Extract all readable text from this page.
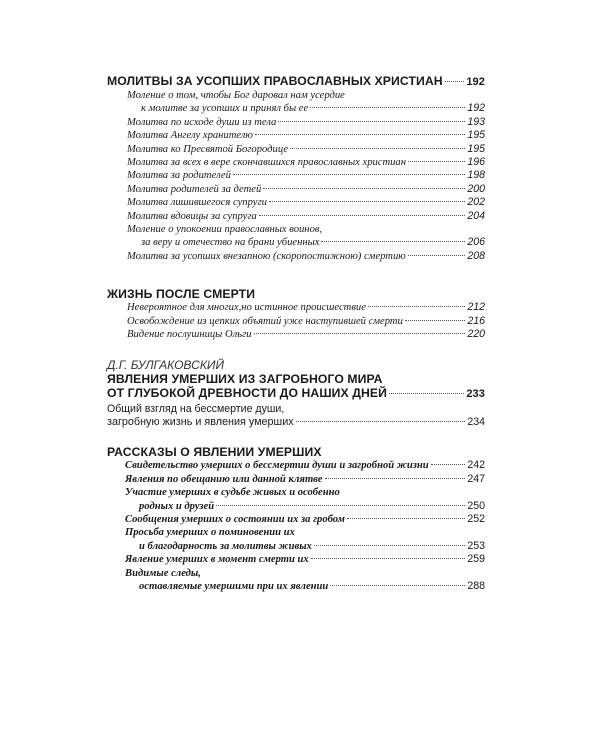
МОЛИТВЫ ЗА УСОПШИХ ПРАВОСЛАВНЫХ ХРИСТИАН 192
Моление о том, чтобы Бог даровал нам усердие
к молитве за усопших и принял бы ее	192
Молитва по исходе души из тела	193
Молитва Ангелу хранителю	195
Молитва ко Пресвятой Богородице	195
Молитва за всех в вере скончавшихся православных христиан	196
Молитва за родителей	198
Молитва родителей за детей	200
Молитва лишившегося супруги	202
Молитва вдовицы за супруга	204
Моление о упокоении православных воинов,
за веру и отечество на брани убиенных	206
Молитва за усопших внезапною (скоропостижною) смертию	208
ЖИЗНЬ ПОСЛЕ СМЕРТИ
Невероятное для многих,но истинное происшествие	212
Освобождение из цепких объятий уже наступившей смерти	216
Видение послушницы Ольги	220
Д.Г. БУЛГАКОВСКИЙ
ЯВЛЕНИЯ УМЕРШИХ ИЗ ЗАГРОБНОГО МИРА
ОТ ГЛУБОКОЙ ДРЕВНОСТИ ДО НАШИХ ДНЕЙ	233
Общий взгляд на бессмертие души,
загробную жизнь и явления умерших	234
РАССКАЗЫ О ЯВЛЕНИИ УМЕРШИХ
Свидетельство умерших о бессмертии души и загробной жизни	242
Явления по обещанию или данной клятве	247
Участие умерших в судьбе живых и особенно
родных и друзей	250
Сообщения умерших о состоянии их за гробом	252
Просьба умерших о поминовении их
и благодарность за молитвы живых	253
Явление умерших в момент смерти их	259
Видимые следы,
оставляемые умершими при их явлении	288
